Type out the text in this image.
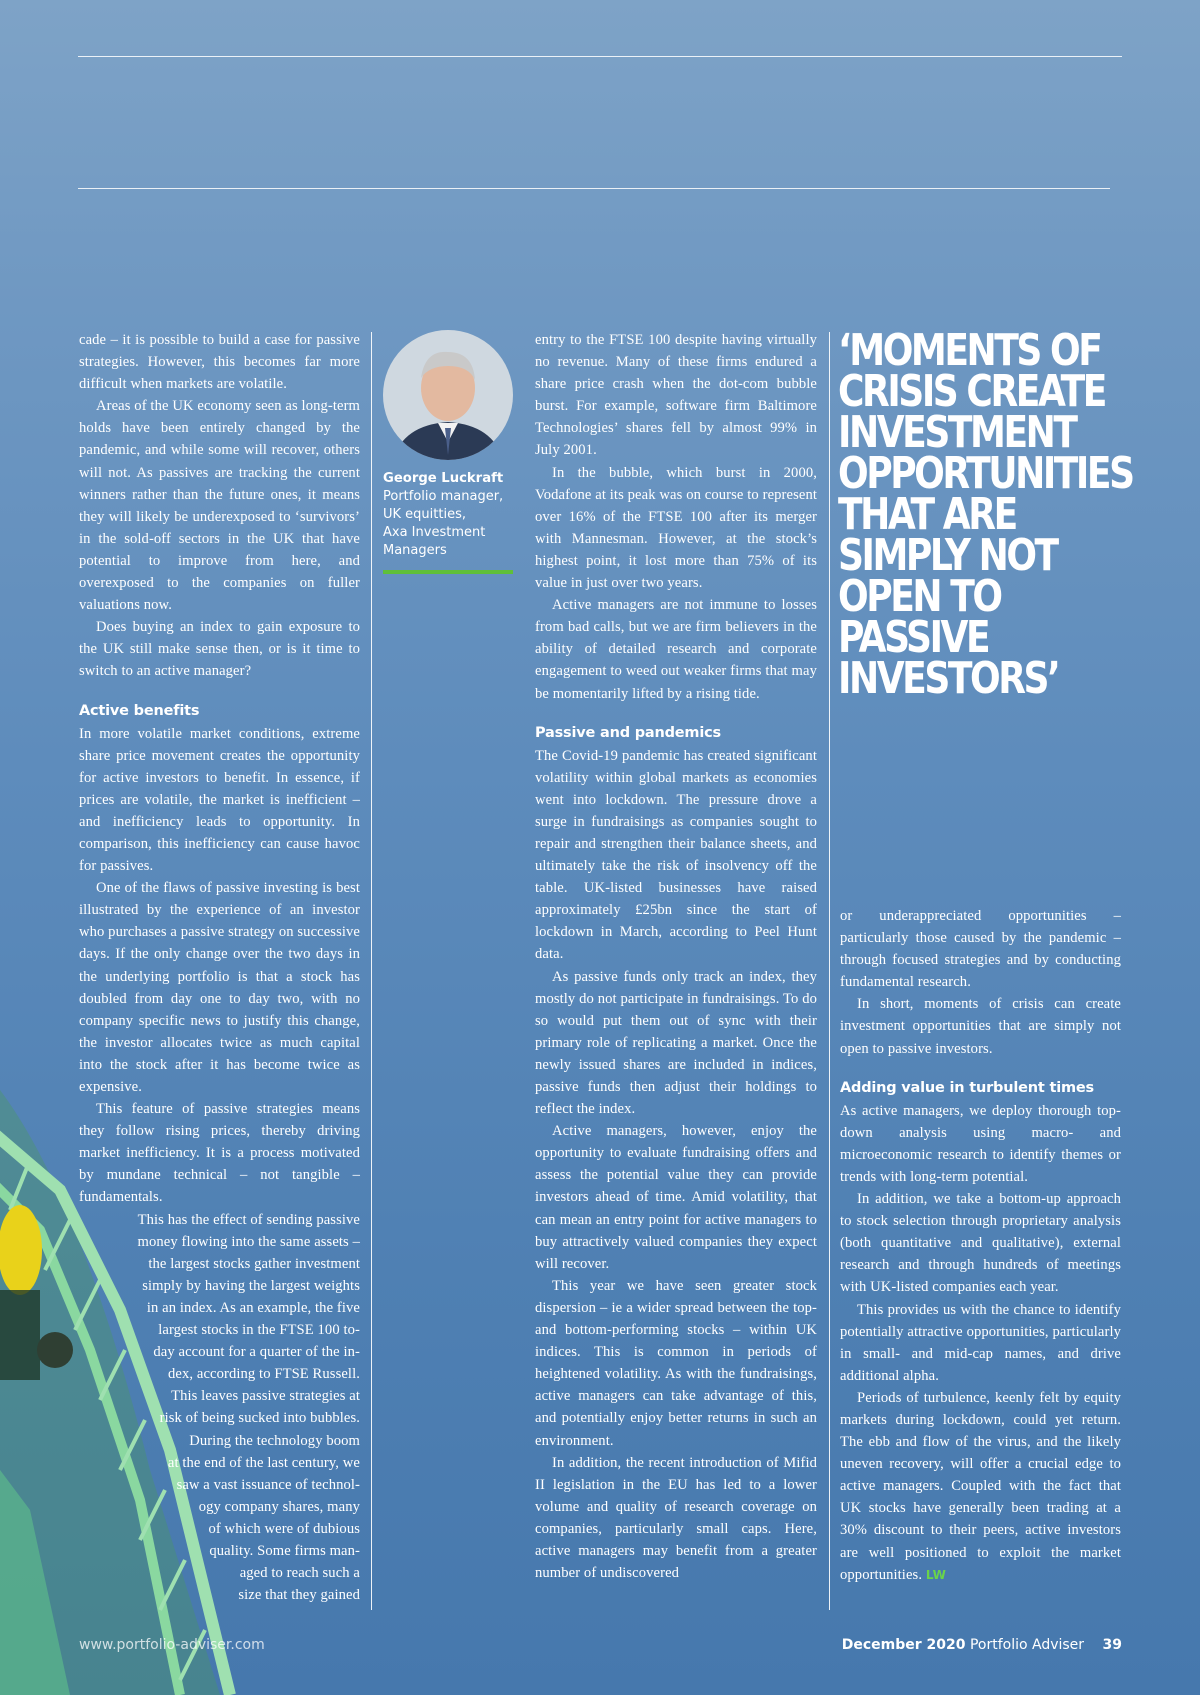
cade – it is possible to build a case for passive strategies. However, this becomes far more difficult when markets are volatile.

Areas of the UK economy seen as long-term holds have been entirely changed by the pandemic, and while some will recover, others will not. As passives are tracking the current winners rather than the future ones, it means they will likely be underexposed to ‘survivors’ in the sold-off sectors in the UK that have potential to improve from here, and overexposed to the companies on fuller valuations now.

Does buying an index to gain exposure to the UK still make sense then, or is it time to switch to an active manager?

Active benefits

In more volatile market conditions, extreme share price movement creates the opportunity for active investors to benefit. In essence, if prices are volatile, the market is inefficient – and inefficiency leads to opportunity. In comparison, this inefficiency can cause havoc for passives.

One of the flaws of passive investing is best illustrated by the experience of an investor who purchases a passive strategy on successive days. If the only change over the two days in the underlying portfolio is that a stock has doubled from day one to day two, with no company specific news to justify this change, the investor allocates twice as much capital into the stock after it has become twice as expensive.

This feature of passive strategies means they follow rising prices, thereby driving market inefficiency. It is a process motivated by mundane technical – not tangible – fundamentals.

This has the effect of sending passive
money flowing into the same assets –
the largest stocks gather investment
simply by having the largest weights
in an index. As an example, the five
largest stocks in the FTSE 100 to-
day account for a quarter of the in-
dex, according to FTSE Russell.
This leaves passive strategies at
risk of being sucked into bubbles.
During the technology boom
at the end of the last century, we
saw a vast issuance of technol-
ogy company shares, many
of which were of dubious
quality. Some firms man-
aged to reach such a
size that they gained
George Luckraft
Portfolio manager,
UK equitties,
Axa Investment
Managers

entry to the FTSE 100 despite having virtually no revenue. Many of these firms endured a share price crash when the dot-com bubble burst. For example, software firm Baltimore Technologies’ shares fell by almost 99% in July 2001.

In the bubble, which burst in 2000, Vodafone at its peak was on course to represent over 16% of the FTSE 100 after its merger with Mannesman. However, at the stock’s highest point, it lost more than 75% of its value in just over two years.

Active managers are not immune to losses from bad calls, but we are firm believers in the ability of detailed research and corporate engagement to weed out weaker firms that may be momentarily lifted by a rising tide.

Passive and pandemics

The Covid-19 pandemic has created significant volatility within global markets as economies went into lockdown. The pressure drove a surge in fundraisings as companies sought to repair and strengthen their balance sheets, and ultimately take the risk of insolvency off the table. UK-listed businesses have raised approximately £25bn since the start of lockdown in March, according to Peel Hunt data.

As passive funds only track an index, they mostly do not participate in fundraisings. To do so would put them out of sync with their primary role of replicating a market. Once the newly issued shares are included in indices, passive funds then adjust their holdings to reflect the index.

Active managers, however, enjoy the opportunity to evaluate fundraising offers and assess the potential value they can provide investors ahead of time. Amid volatility, that can mean an entry point for active managers to buy attractively valued companies they expect will recover.

This year we have seen greater stock dispersion – ie a wider spread between the top- and bottom-performing stocks – within UK indices. This is common in periods of heightened volatility. As with the fundraisings, active managers can take advantage of this, and potentially enjoy better returns in such an environment.

In addition, the recent introduction of Mifid II legislation in the EU has led to a lower volume and quality of research coverage on companies, particularly small caps. Here, active managers may benefit from a greater number of undiscovered

‘MOMENTS OF CRISIS CREATE INVESTMENT OPPORTUNITIES THAT ARE SIMPLY NOT OPEN TO PASSIVE INVESTORS’

or underappreciated opportunities – particularly those caused by the pandemic – through focused strategies and by conducting fundamental research.

In short, moments of crisis can create investment opportunities that are simply not open to passive investors.

Adding value in turbulent times

As active managers, we deploy thorough top-down analysis using macro- and microeconomic research to identify themes or trends with long-term potential.

In addition, we take a bottom-up approach to stock selection through proprietary analysis (both quantitative and qualitative), external research and through hundreds of meetings with UK-listed companies each year.

This provides us with the chance to identify potentially attractive opportunities, particularly in small- and mid-cap names, and drive additional alpha.

Periods of turbulence, keenly felt by equity markets during lockdown, could yet return. The ebb and flow of the virus, and the likely uneven recovery, will offer a crucial edge to active managers. Coupled with the fact that UK stocks have generally been trading at a 30% discount to their peers, active investors are well positioned to exploit the market opportunities. LW

www.portfolio-adviser.com	December 2020 Portfolio Adviser 39
